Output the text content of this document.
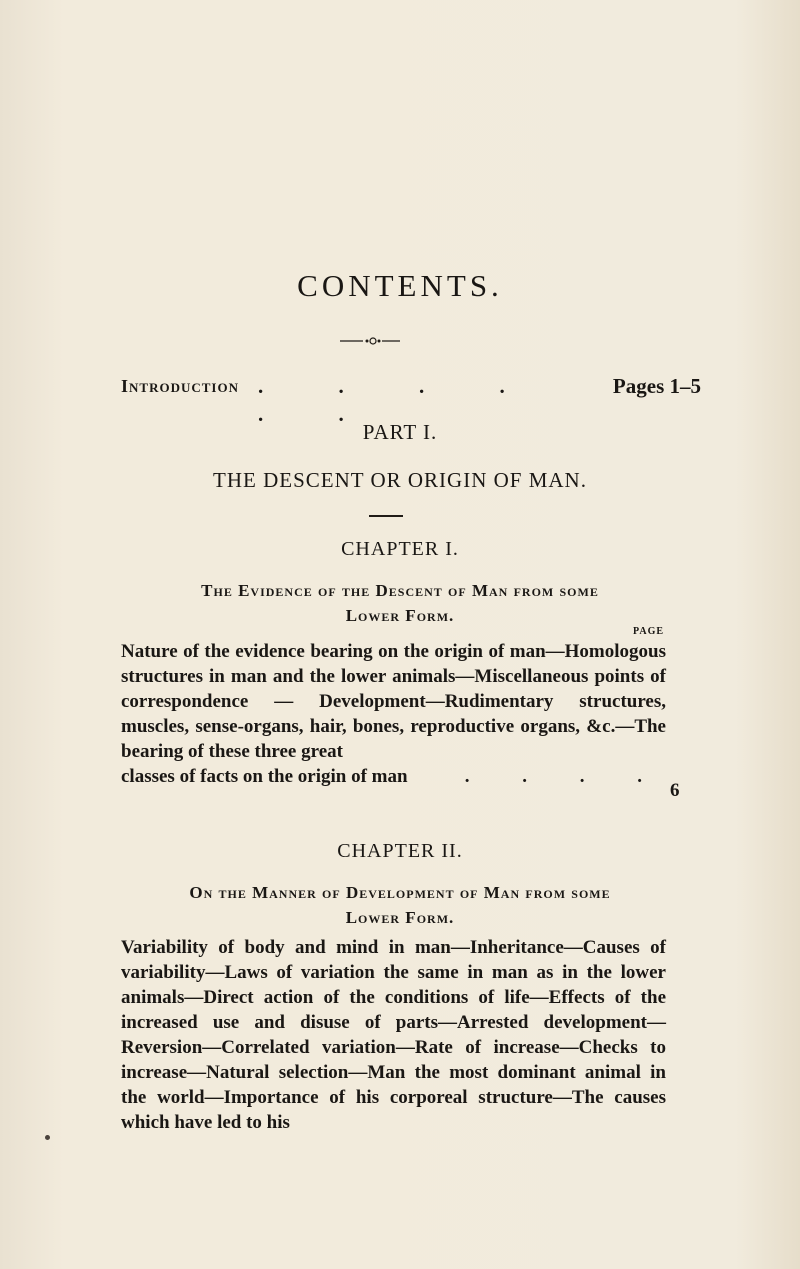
CONTENTS.
Introduction . . . . . .
Pages 1–5
PART I.
THE DESCENT OR ORIGIN OF MAN.
CHAPTER I.
The Evidence of the Descent of Man from some
Lower Form.
PAGE
Nature of the evidence bearing on the origin of man—Homologous structures in man and the lower animals—Miscellaneous points of correspondence — Development—Rudimentary structures, muscles, sense-organs, hair, bones, reproductive organs, &c.—The bearing of these three great
classes of facts on the origin of man	. . . .
6
CHAPTER II.
On the Manner of Development of Man from some
Lower Form.
Variability of body and mind in man—Inheritance—Causes of variability—Laws of variation the same in man as in the lower animals—Direct action of the conditions of life—Effects of the increased use and disuse of parts—Arrested development—Reversion—Correlated variation—Rate of increase—Checks to increase—Natural selection—Man the most dominant animal in the world—Importance of his corporeal structure—The causes which have led to his
